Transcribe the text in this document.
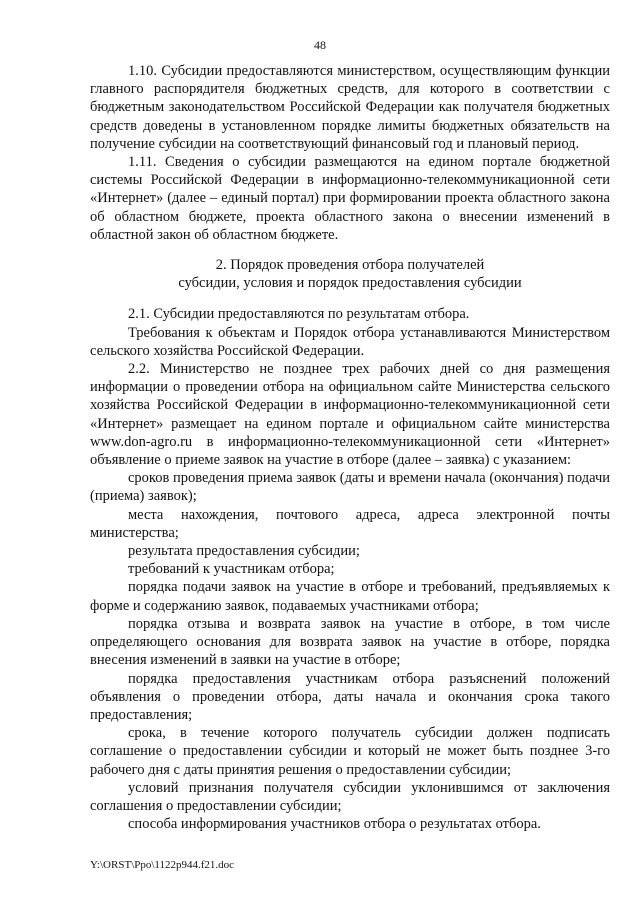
48

1.10. Субсидии предоставляются министерством, осуществляющим функции главного распорядителя бюджетных средств, для которого в соответствии с бюджетным законодательством Российской Федерации как получателя бюджетных средств доведены в установленном порядке лимиты бюджетных обязательств на получение субсидии на соответствующий финансовый год и плановый период.

1.11. Сведения о субсидии размещаются на едином портале бюджетной системы Российской Федерации в информационно-телекоммуникационной сети «Интернет» (далее – единый портал) при формировании проекта областного закона об областном бюджете, проекта областного закона о внесении изменений в областной закон об областном бюджете.

2. Порядок проведения отбора получателей
субсидии, условия и порядок предоставления субсидии

2.1. Субсидии предоставляются по результатам отбора.

Требования к объектам и Порядок отбора устанавливаются Министерством сельского хозяйства Российской Федерации.

2.2. Министерство не позднее трех рабочих дней со дня размещения информации о проведении отбора на официальном сайте Министерства сельского хозяйства Российской Федерации в информационно-телекоммуникационной сети «Интернет» размещает на едином портале и официальном сайте министерства www.don-agro.ru в информационно-телекоммуникационной сети «Интернет» объявление о приеме заявок на участие в отборе (далее – заявка) с указанием:

сроков проведения приема заявок (даты и времени начала (окончания) подачи (приема) заявок);

места нахождения, почтового адреса, адреса электронной почты министерства;

результата предоставления субсидии;

требований к участникам отбора;

порядка подачи заявок на участие в отборе и требований, предъявляемых к форме и содержанию заявок, подаваемых участниками отбора;

порядка отзыва и возврата заявок на участие в отборе, в том числе определяющего основания для возврата заявок на участие в отборе, порядка внесения изменений в заявки на участие в отборе;

порядка предоставления участникам отбора разъяснений положений объявления о проведении отбора, даты начала и окончания срока такого предоставления;

срока, в течение которого получатель субсидии должен подписать соглашение о предоставлении субсидии и который не может быть позднее 3-го рабочего дня с даты принятия решения о предоставлении субсидии;

условий признания получателя субсидии уклонившимся от заключения соглашения о предоставлении субсидии;

способа информирования участников отбора о результатах отбора.

Y:\ORST\Ppo\1122p944.f21.doc
